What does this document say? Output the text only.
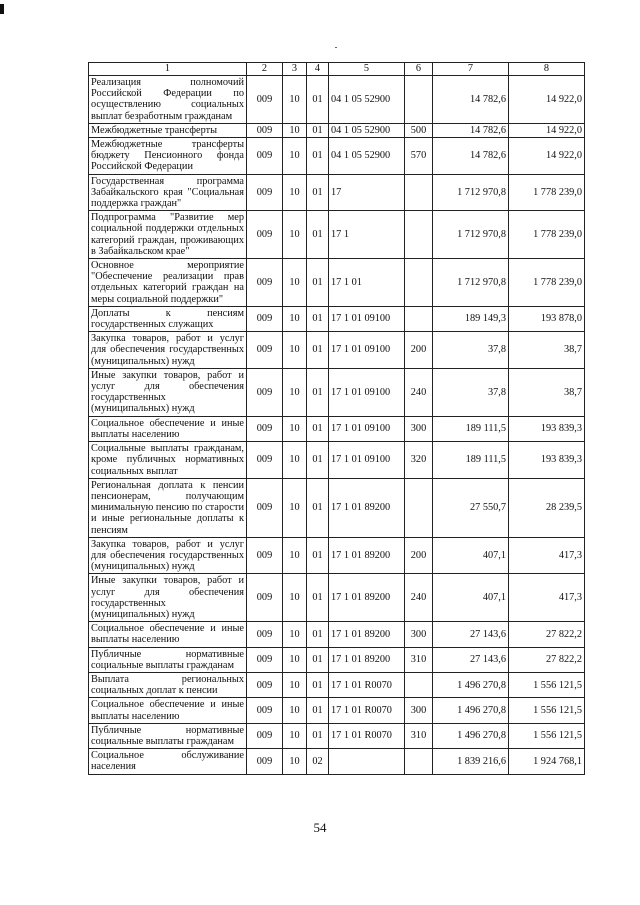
1	2	3	4	5	6	7	8
Реализация полномочий Российской Федерации по осуществлению социальных выплат безработным гражданам	009	10	01	04 1 05 52900		14 782,6	14 922,0
Межбюджетные трансферты	009	10	01	04 1 05 52900	500	14 782,6	14 922,0
Межбюджетные трансферты бюджету Пенсионного фонда Российской Федерации	009	10	01	04 1 05 52900	570	14 782,6	14 922,0
Государственная программа Забайкальского края "Социальная поддержка граждан"	009	10	01	17		1 712 970,8	1 778 239,0
Подпрограмма "Развитие мер социальной поддержки отдельных категорий граждан, проживающих в Забайкальском крае"	009	10	01	17 1		1 712 970,8	1 778 239,0
Основное мероприятие "Обеспечение реализации прав отдельных категорий граждан на меры социальной поддержки"	009	10	01	17 1 01		1 712 970,8	1 778 239,0
Доплаты к пенсиям государственных служащих	009	10	01	17 1 01 09100		189 149,3	193 878,0
Закупка товаров, работ и услуг для обеспечения государственных (муниципальных) нужд	009	10	01	17 1 01 09100	200	37,8	38,7
Иные закупки товаров, работ и услуг для обеспечения государственных (муниципальных) нужд	009	10	01	17 1 01 09100	240	37,8	38,7
Социальное обеспечение и иные выплаты населению	009	10	01	17 1 01 09100	300	189 111,5	193 839,3
Социальные выплаты гражданам, кроме публичных нормативных социальных выплат	009	10	01	17 1 01 09100	320	189 111,5	193 839,3
Региональная доплата к пенсии пенсионерам, получающим минимальную пенсию по старости и иные региональные доплаты к пенсиям	009	10	01	17 1 01 89200		27 550,7	28 239,5
Закупка товаров, работ и услуг для обеспечения государственных (муниципальных) нужд	009	10	01	17 1 01 89200	200	407,1	417,3
Иные закупки товаров, работ и услуг для обеспечения государственных (муниципальных) нужд	009	10	01	17 1 01 89200	240	407,1	417,3
Социальное обеспечение и иные выплаты населению	009	10	01	17 1 01 89200	300	27 143,6	27 822,2
Публичные нормативные социальные выплаты гражданам	009	10	01	17 1 01 89200	310	27 143,6	27 822,2
Выплата региональных социальных доплат к пенсии	009	10	01	17 1 01 R0070		1 496 270,8	1 556 121,5
Социальное обеспечение и иные выплаты населению	009	10	01	17 1 01 R0070	300	1 496 270,8	1 556 121,5
Публичные нормативные социальные выплаты гражданам	009	10	01	17 1 01 R0070	310	1 496 270,8	1 556 121,5
Социальное обслуживание населения	009	10	02			1 839 216,6	1 924 768,1
54
